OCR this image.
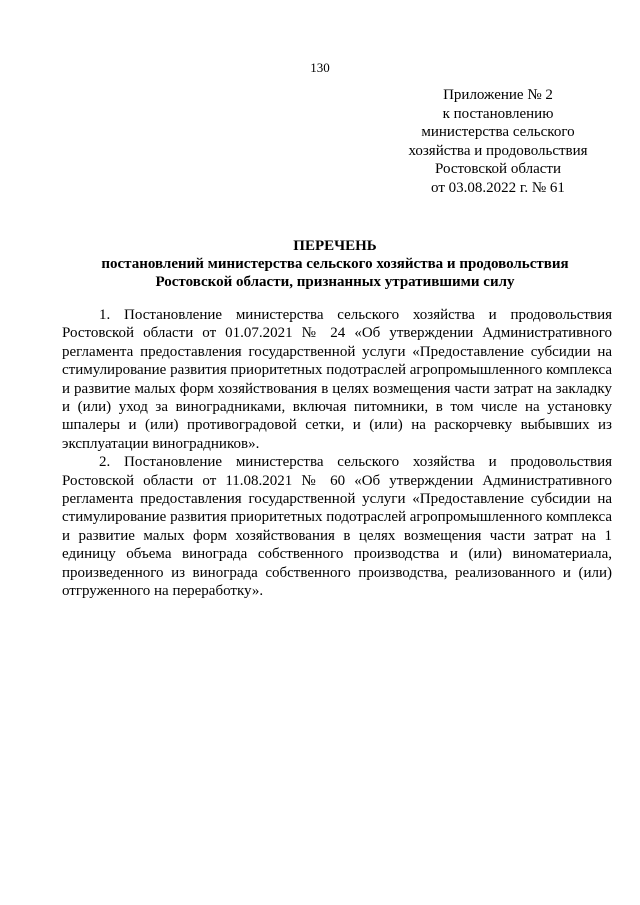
130
Приложение № 2
к постановлению
министерства сельского
хозяйства и продовольствия
Ростовской области
от 03.08.2022 г. № 61
ПЕРЕЧЕНЬ
постановлений министерства сельского хозяйства и продовольствия
Ростовской области, признанных утратившими силу

1. Постановление министерства сельского хозяйства и продовольствия Ростовской области от 01.07.2021 № 24 «Об утверждении Административного регламента предоставления государственной услуги «Предоставление субсидии на стимулирование развития приоритетных подотраслей агропромышленного комплекса и развитие малых форм хозяйствования в целях возмещения части затрат на закладку и (или) уход за виноградниками, включая питомники, в том числе на установку шпалеры и (или) противоградовой сетки, и (или) на раскорчевку выбывших из эксплуатации виноградников».

2. Постановление министерства сельского хозяйства и продовольствия Ростовской области от 11.08.2021 № 60 «Об утверждении Административного регламента предоставления государственной услуги «Предоставление субсидии на стимулирование развития приоритетных подотраслей агропромышленного комплекса и развитие малых форм хозяйствования в целях возмещения части затрат на 1 единицу объема винограда собственного производства и (или) виноматериала, произведенного из винограда собственного производства, реализованного и (или) отгруженного на переработку».
